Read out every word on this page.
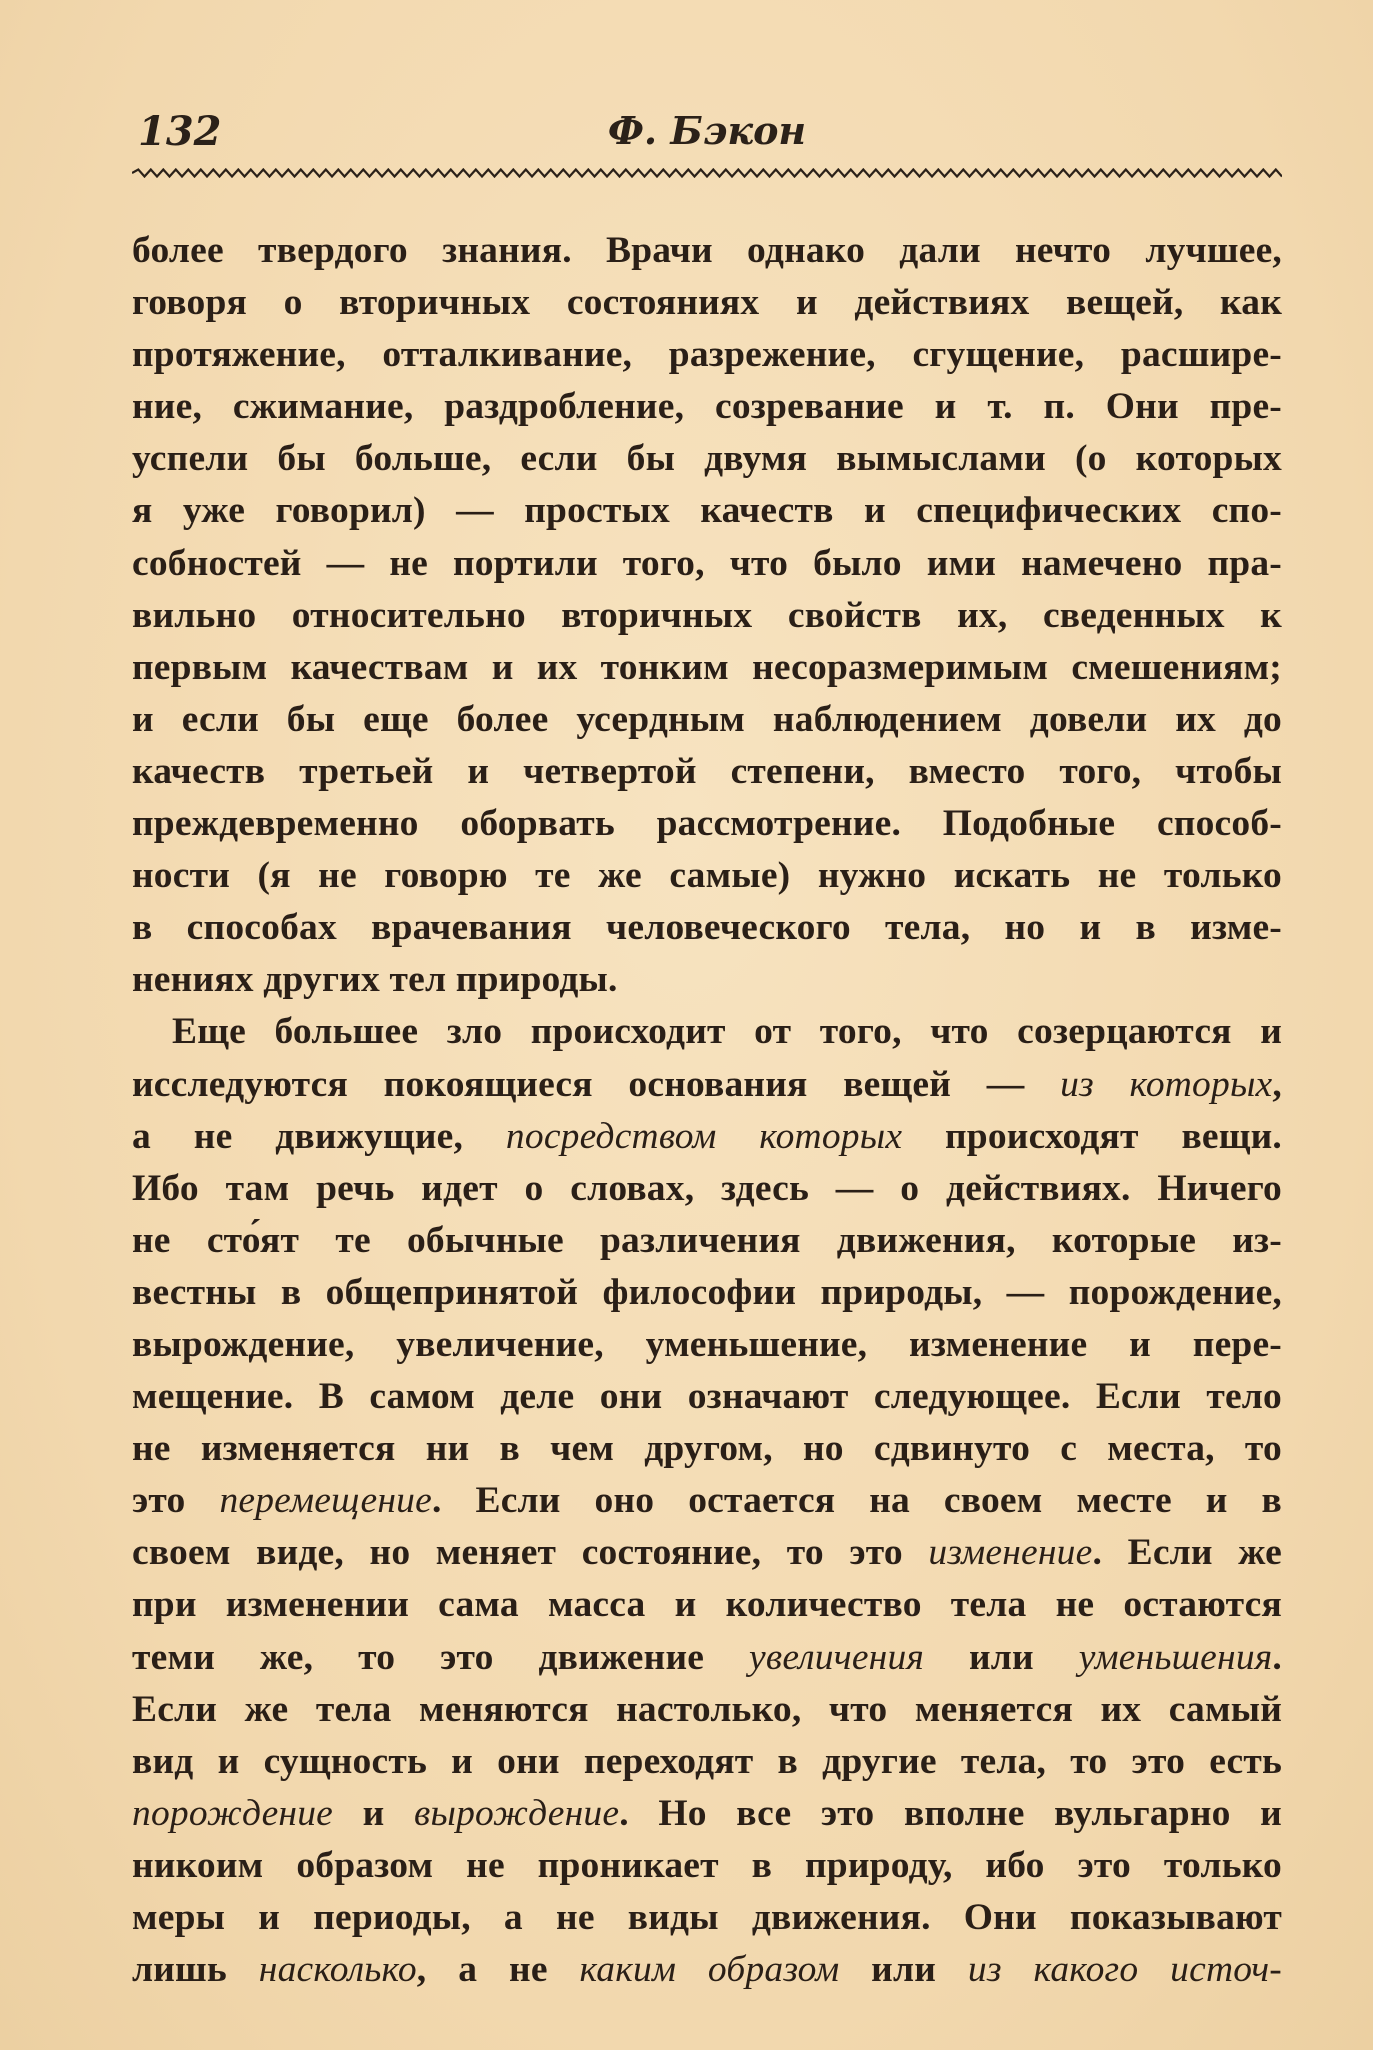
132	Ф. Бэкон

более твердого знания. Врачи однако дали нечто лучшее,

говоря о вторичных состояниях и действиях вещей, как

протяжение, отталкивание, разрежение, сгущение, расшире-

ние, сжимание, раздробление, созревание и т. п. Они пре-

успели бы больше, если бы двумя вымыслами (о которых

я уже говорил) — простых качеств и специфических спо-

собностей — не портили того, что было ими намечено пра-

вильно относительно вторичных свойств их, сведенных к

первым качествам и их тонким несоразмеримым смешениям;

и если бы еще более усердным наблюдением довели их до

качеств третьей и четвертой степени, вместо того, чтобы

преждевременно оборвать рассмотрение. Подобные способ-

ности (я не говорю те же самые) нужно искать не только

в способах врачевания человеческого тела, но и в изме-

нениях других тел природы.

Еще большее зло происходит от того, что созерцаются и

исследуются покоящиеся основания вещей — из которых,

а не движущие, посредством которых происходят вещи.

Ибо там речь идет о словах, здесь — о действиях. Ничего

не сто́ят те обычные различения движения, которые из-

вестны в общепринятой философии природы, — порождение,

вырождение, увеличение, уменьшение, изменение и пере-

мещение. В самом деле они означают следующее. Если тело

не изменяется ни в чем другом, но сдвинуто с места, то

это перемещение. Если оно остается на своем месте и в

своем виде, но меняет состояние, то это изменение. Если же

при изменении сама масса и количество тела не остаются

теми же, то это движение увеличения или уменьшения.

Если же тела меняются настолько, что меняется их самый

вид и сущность и они переходят в другие тела, то это есть

порождение и вырождение. Но все это вполне вульгарно и

никоим образом не проникает в природу, ибо это только

меры и периоды, а не виды движения. Они показывают

лишь насколько, а не каким образом или из какого источ-
